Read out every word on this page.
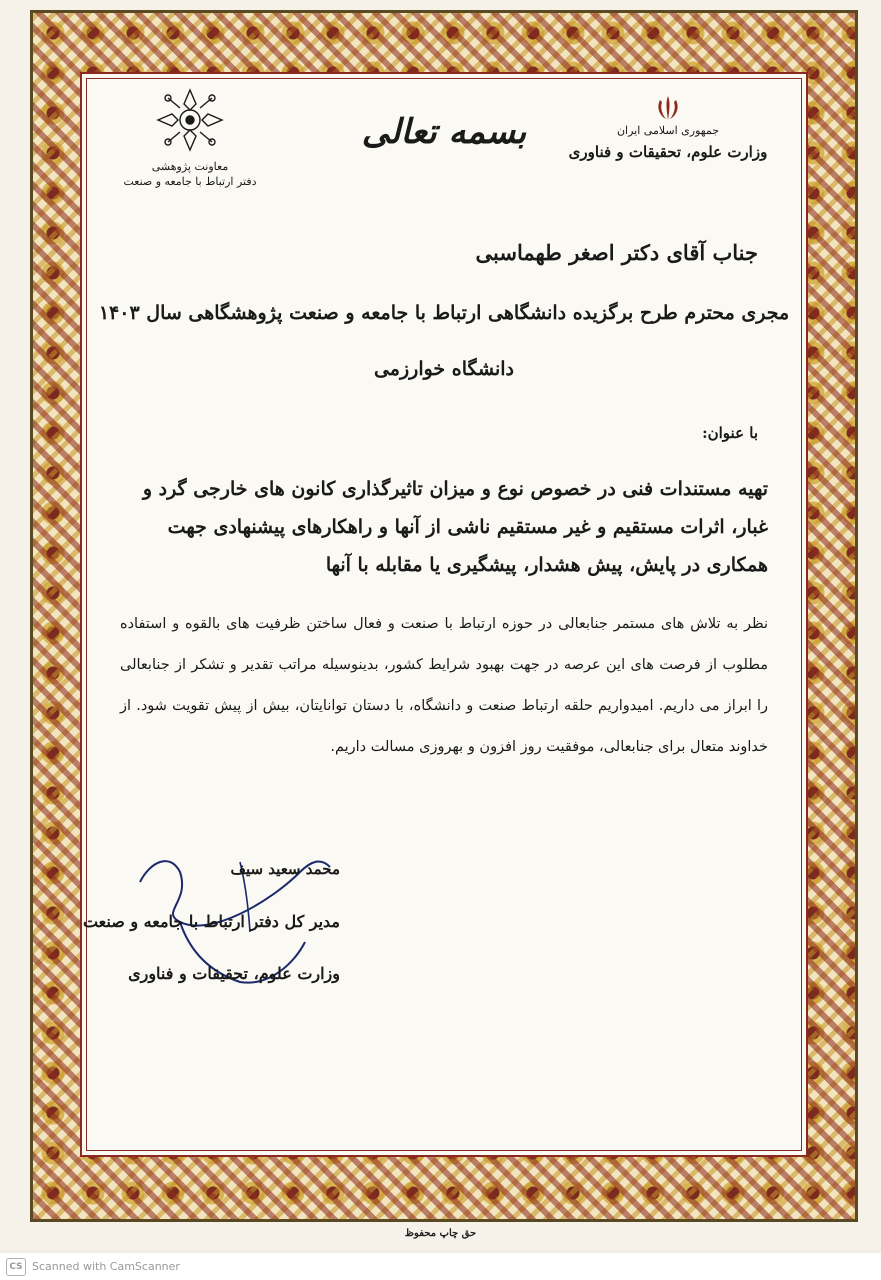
جمهوری اسلامی ایران
وزارت علوم، تحقیقات و فناوری
بسمه تعالی
معاونت پژوهشی
دفتر ارتباط با جامعه و صنعت
جناب آقای دکتر اصغر طهماسبی
مجری محترم طرح برگزیده دانشگاهی ارتباط با جامعه و صنعت پژوهشگاهی سال ۱۴۰۳
دانشگاه خوارزمی
با عنوان:
تهیه مستندات فنی در خصوص نوع و میزان تاثیرگذاری کانون های خارجی گرد و غبار، اثرات مستقیم و غیر مستقیم ناشی از آنها و راهکارهای پیشنهادی جهت همکاری در پایش، پیش هشدار، پیشگیری یا مقابله با آنها
نظر به تلاش های مستمر جنابعالی در حوزه ارتباط با صنعت و فعال ساختن ظرفیت های بالقوه و استفاده مطلوب از فرصت های این عرصه در جهت بهبود شرایط کشور، بدینوسیله مراتب تقدیر و تشکر از جنابعالی را ابراز می داریم. امیدواریم حلقه ارتباط صنعت و دانشگاه، با دستان توانایتان، بیش از پیش تقویت شود. از خداوند متعال برای جنابعالی، موفقیت روز افزون و بهروزی مسالت داریم.
محمد سعید سیف
مدیر کل دفتر ارتباط با جامعه و صنعت
وزارت علوم، تحقیقات و فناوری
حق چاپ محفوظ
CS Scanned with CamScanner
